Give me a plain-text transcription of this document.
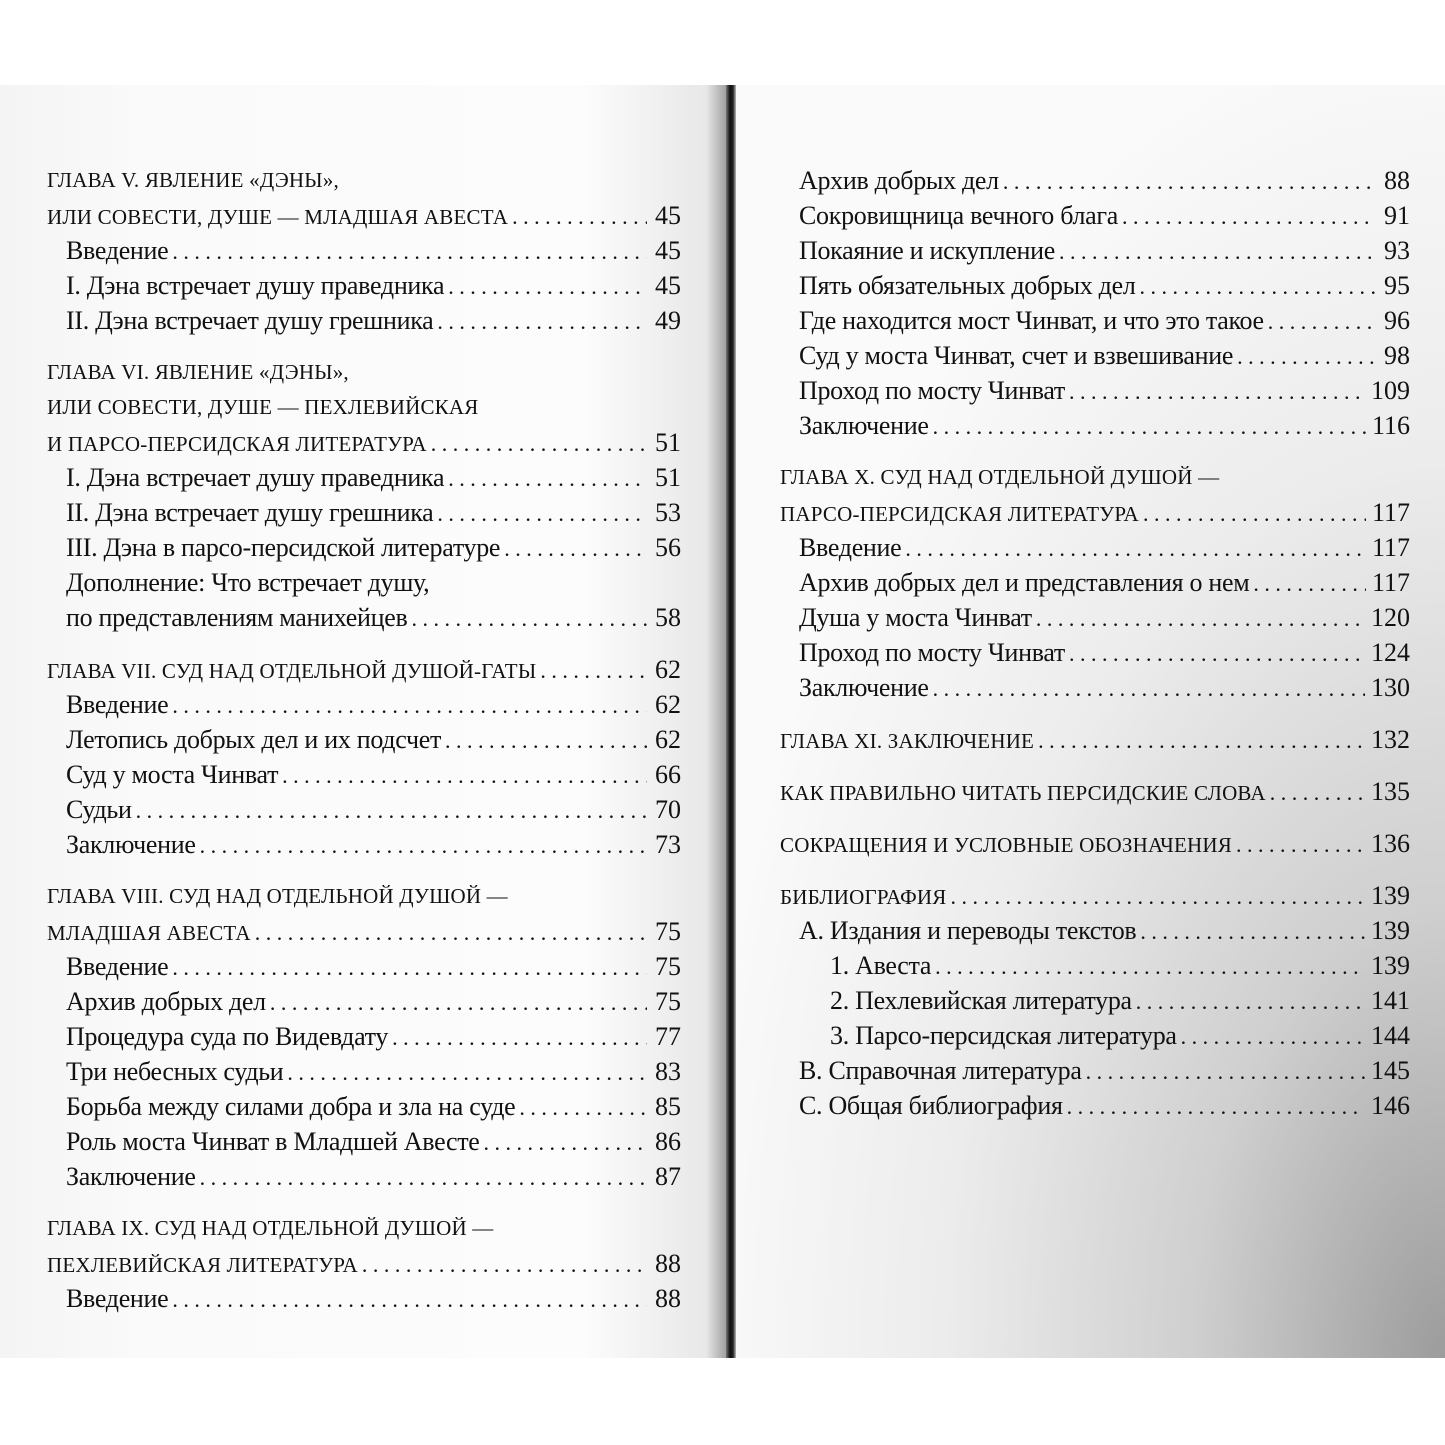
ГЛАВА V. ЯВЛЕНИЕ «ДЭНЫ»,
ИЛИ СОВЕСТИ, ДУШЕ — МЛАДШАЯ АВЕСТА . . .	45
Введение . . .	45
I. Дэна встречает душу праведника . . .	45
II. Дэна встречает душу грешника . . .	49
ГЛАВА VI. ЯВЛЕНИЕ «ДЭНЫ»,
ИЛИ СОВЕСТИ, ДУШЕ — ПЕХЛЕВИЙСКАЯ
И ПАРСО-ПЕРСИДСКАЯ ЛИТЕРАТУРА . . .	51
I. Дэна встречает душу праведника . . .	51
II. Дэна встречает душу грешника . . .	53
III. Дэна в парсо-персидской литературе . . .	56
Дополнение: Что встречает душу,
по представлениям манихейцев . . .	58
ГЛАВА VII. СУД НАД ОТДЕЛЬНОЙ ДУШОЙ-ГАТЫ . . .	62
Введение . . .	62
Летопись добрых дел и их подсчет . . .	62
Суд у моста Чинват . . .	66
Судьи . . .	70
Заключение . . .	73
ГЛАВА VIII. СУД НАД ОТДЕЛЬНОЙ ДУШОЙ —
МЛАДШАЯ АВЕСТА . . .	75
Введение . . .	75
Архив добрых дел . . .	75
Процедура суда по Видевдату . . .	77
Три небесных судьи . . .	83
Борьба между силами добра и зла на суде . . .	85
Роль моста Чинват в Младшей Авесте . . .	86
Заключение . . .	87
ГЛАВА IX. СУД НАД ОТДЕЛЬНОЙ ДУШОЙ —
ПЕХЛЕВИЙСКАЯ ЛИТЕРАТУРА . . .	88
Введение . . .	88
Архив добрых дел . . .	88
Сокровищница вечного блага . . .	91
Покаяние и искупление . . .	93
Пять обязательных добрых дел . . .	95
Где находится мост Чинват, и что это такое . . .	96
Суд у моста Чинват, счет и взвешивание . . .	98
Проход по мосту Чинват . . .	109
Заключение . . .	116
ГЛАВА X. СУД НАД ОТДЕЛЬНОЙ ДУШОЙ —
ПАРСО-ПЕРСИДСКАЯ ЛИТЕРАТУРА . . .	117
Введение . . .	117
Архив добрых дел и представления о нем . . .	117
Душа у моста Чинват . . .	120
Проход по мосту Чинват . . .	124
Заключение . . .	130
ГЛАВА XI. ЗАКЛЮЧЕНИЕ . . .	132
КАК ПРАВИЛЬНО ЧИТАТЬ ПЕРСИДСКИЕ СЛОВА . . .	135
СОКРАЩЕНИЯ И УСЛОВНЫЕ ОБОЗНАЧЕНИЯ . . .	136
БИБЛИОГРАФИЯ . . .	139
A. Издания и переводы текстов . . .	139
1. Авеста . . .	139
2. Пехлевийская литература . . .	141
3. Парсо-персидская литература . . .	144
B. Справочная литература . . .	145
C. Общая библиография . . .	146
